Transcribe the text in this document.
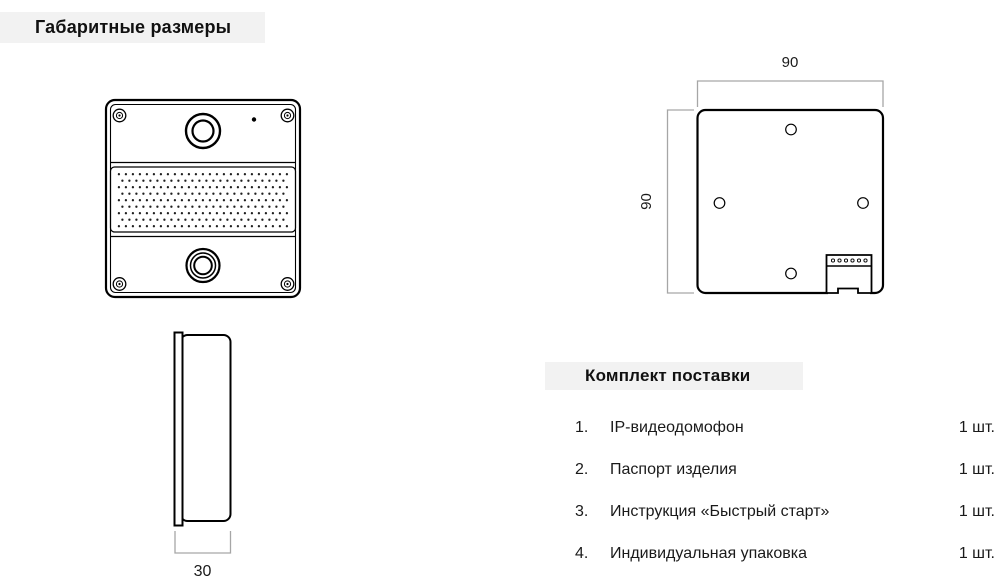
Габаритные размеры
30
90
90
Комплект поставки
1.	IP-видеодомофон	1 шт.
2.	Паспорт изделия	1 шт.
3.	Инструкция «Быстрый старт»	1 шт.
4.	Индивидуальная упаковка	1 шт.
